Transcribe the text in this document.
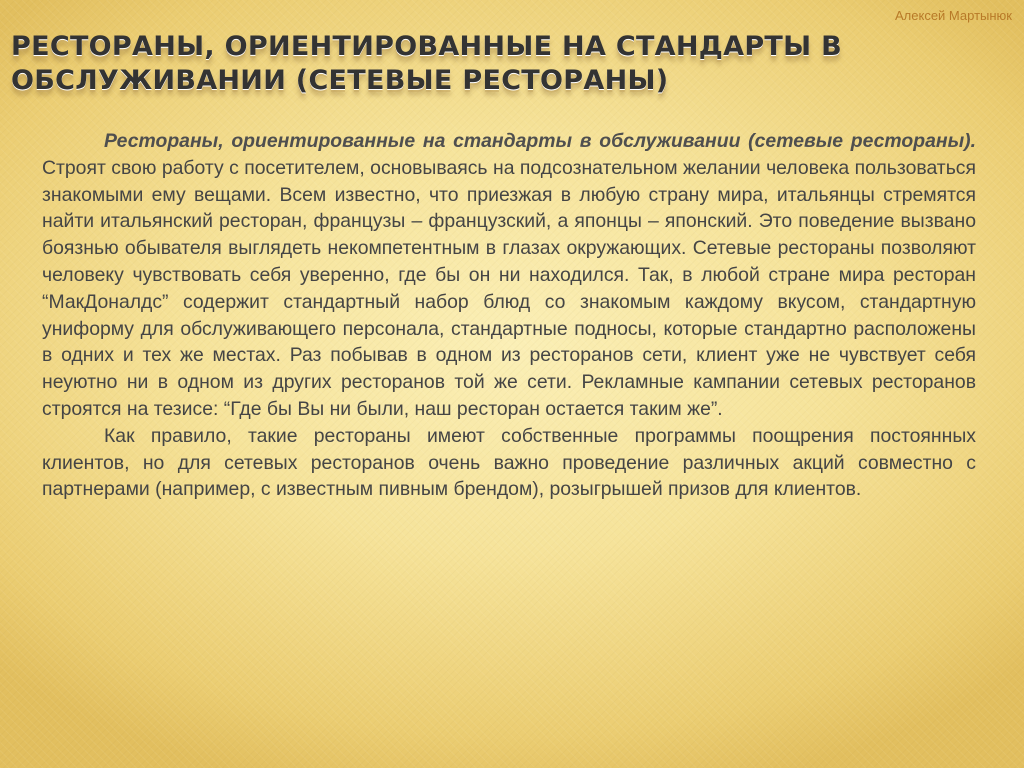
Алексей Мартынюк
РЕСТОРАНЫ, ОРИЕНТИРОВАННЫЕ НА СТАНДАРТЫ В
ОБСЛУЖИВАНИИ (СЕТЕВЫЕ РЕСТОРАНЫ)

Рестораны, ориентированные на стандарты в обслуживании (сетевые рестораны). Строят свою работу с посетителем, основываясь на подсознательном желании человека пользоваться знакомыми ему вещами. Всем известно, что приезжая в любую страну мира, итальянцы стремятся найти итальянский ресторан, французы – французский, а японцы – японский. Это поведение вызвано боязнью обывателя выглядеть некомпетентным в глазах окружающих. Сетевые рестораны позволяют человеку чувствовать себя уверенно, где бы он ни находился. Так, в любой стране мира ресторан “МакДоналдс” содержит стандартный набор блюд со знакомым каждому вкусом, стандартную униформу для обслуживающего персонала, стандартные подносы, которые стандартно расположены в одних и тех же местах. Раз побывав в одном из ресторанов сети, клиент уже не чувствует себя неуютно ни в одном из других ресторанов той же сети. Рекламные кампании сетевых ресторанов строятся на тезисе: “Где бы Вы ни были, наш ресторан остается таким же”.

Как правило, такие рестораны имеют собственные программы поощрения постоянных клиентов, но для сетевых ресторанов очень важно проведение различных акций совместно с партнерами (например, с известным пивным брендом), розыгрышей призов для клиентов.
